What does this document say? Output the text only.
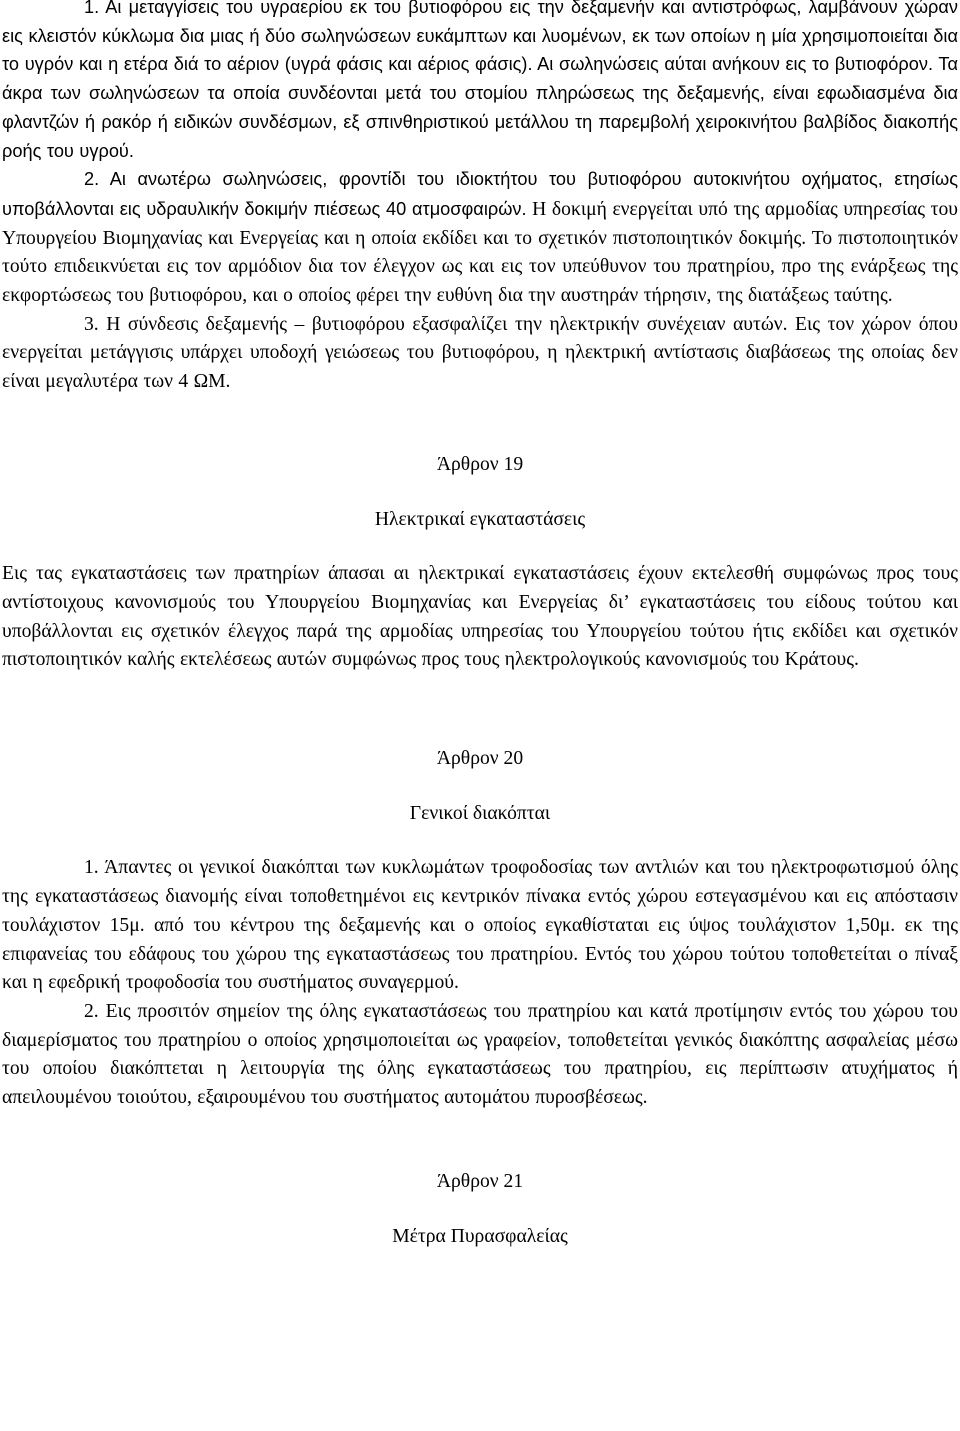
1. Αι μεταγγίσεις του υγραερίου εκ του βυτιοφόρου εις την δεξαμενήν και αντιστρόφως, λαμβάνουν χώραν εις κλειστόν κύκλωμα δια μιας ή δύο σωληνώσεων ευκάμπτων και λυομένων, εκ των οποίων η μία χρησιμοποιείται δια το υγρόν και η ετέρα διά το αέριον (υγρά φάσις και αέριος φάσις). Αι σωληνώσεις αύται ανήκουν εις το βυτιοφόρον. Τα άκρα των σωληνώσεων τα οποία συνδέονται μετά του στομίου πληρώσεως της δεξαμενής, είναι εφωδιασμένα δια φλαντζών ή ρακόρ ή ειδικών συνδέσμων, εξ σπινθηριστικού μετάλλου τη παρεμβολή χειροκινήτου βαλβίδος διακοπής ροής του υγρού.

2. Αι ανωτέρω σωληνώσεις, φροντίδι του ιδιοκτήτου του βυτιοφόρου αυτοκινήτου οχήματος, ετησίως υποβάλλονται εις υδραυλικήν δοκιμήν πιέσεως 40 ατμοσφαιρών. Η δοκιμή ενεργείται υπό της αρμοδίας υπηρεσίας του Υπουργείου Βιομηχανίας και Ενεργείας και η οποία εκδίδει και το σχετικόν πιστοποιητικόν δοκιμής. Το πιστοποιητικόν τούτο επιδεικνύεται εις τον αρμόδιον δια τον έλεγχον ως και εις τον υπεύθυνον του πρατηρίου, προ της ενάρξεως της εκφορτώσεως του βυτιοφόρου, και ο οποίος φέρει την ευθύνη δια την αυστηράν τήρησιν, της διατάξεως ταύτης.

3. Η σύνδεσις δεξαμενής – βυτιοφόρου εξασφαλίζει την ηλεκτρικήν συνέχειαν αυτών. Εις τον χώρον όπου ενεργείται μετάγγισις υπάρχει υποδοχή γειώσεως του βυτιοφόρου, η ηλεκτρική αντίστασις διαβάσεως της οποίας δεν είναι μεγαλυτέρα των 4 ΩΜ.

Άρθρον 19

Ηλεκτρικαί εγκαταστάσεις

Εις τας εγκαταστάσεις των πρατηρίων άπασαι αι ηλεκτρικαί εγκαταστάσεις έχουν εκτελεσθή συμφώνως προς τους αντίστοιχους κανονισμούς του Υπουργείου Βιομηχανίας και Ενεργείας δι’ εγκαταστάσεις του είδους τούτου και υποβάλλονται εις σχετικόν έλεγχος παρά της αρμοδίας υπηρεσίας του Υπουργείου τούτου ήτις εκδίδει και σχετικόν πιστοποιητικόν καλής εκτελέσεως αυτών συμφώνως προς τους ηλεκτρολογικούς κανονισμούς του Κράτους.

Άρθρον 20

Γενικοί διακόπται

1. Άπαντες οι γενικοί διακόπται των κυκλωμάτων τροφοδοσίας των αντλιών και του ηλεκτροφωτισμού όλης της εγκαταστάσεως διανομής είναι τοποθετημένοι εις κεντρικόν πίνακα εντός χώρου εστεγασμένου και εις απόστασιν τουλάχιστον 15μ. από του κέντρου της δεξαμενής και ο οποίος εγκαθίσταται εις ύψος τουλάχιστον 1,50μ. εκ της επιφανείας του εδάφους του χώρου της εγκαταστάσεως του πρατηρίου. Εντός του χώρου τούτου τοποθετείται ο πίναξ και η εφεδρική τροφοδοσία του συστήματος συναγερμού.

2. Εις προσιτόν σημείον της όλης εγκαταστάσεως του πρατηρίου και κατά προτίμησιν εντός του χώρου του διαμερίσματος του πρατηρίου ο οποίος χρησιμοποιείται ως γραφείον, τοποθετείται γενικός διακόπτης ασφαλείας μέσω του οποίου διακόπτεται η λειτουργία της όλης εγκαταστάσεως του πρατηρίου, εις περίπτωσιν ατυχήματος ή απειλουμένου τοιούτου, εξαιρουμένου του συστήματος αυτομάτου πυροσβέσεως.

Άρθρον 21

Μέτρα Πυρασφαλείας
